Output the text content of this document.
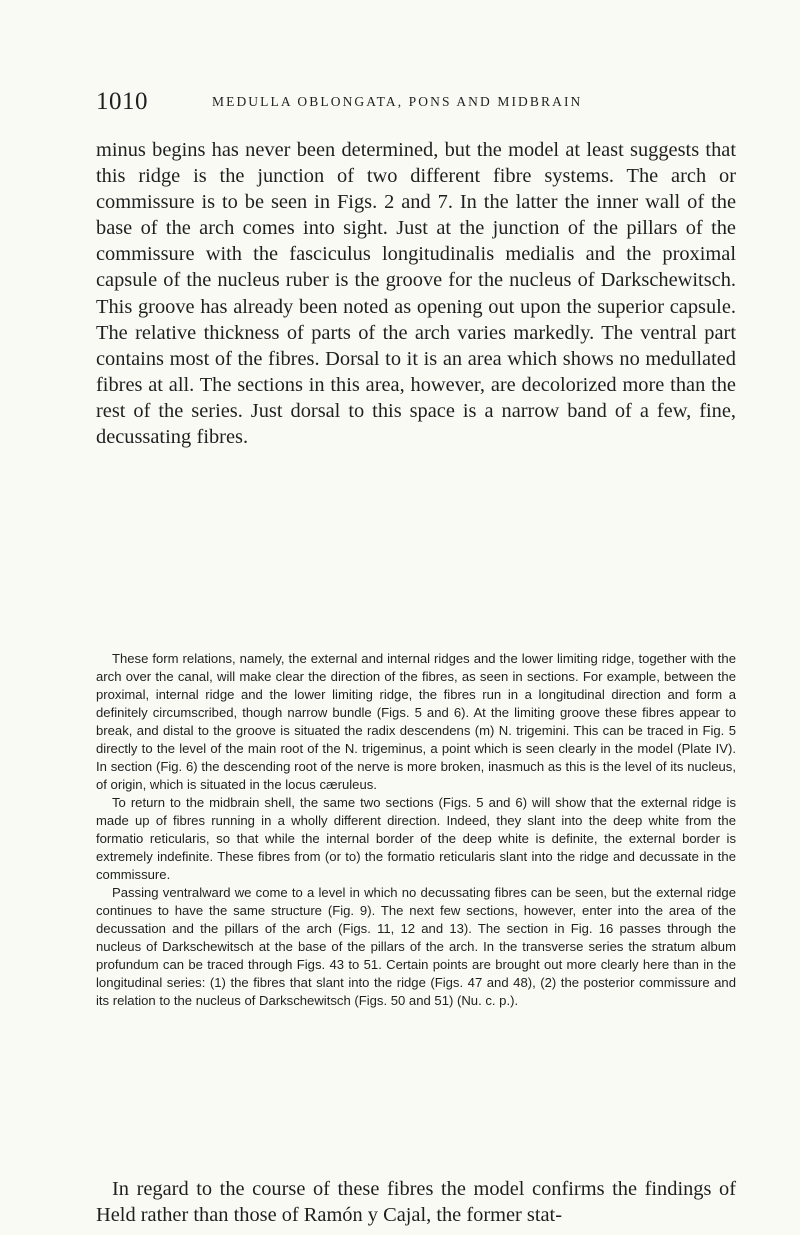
1010	MEDULLA OBLONGATA, PONS AND MIDBRAIN

minus begins has never been determined, but the model at least suggests that this ridge is the junction of two different fibre systems. The arch or commissure is to be seen in Figs. 2 and 7. In the latter the inner wall of the base of the arch comes into sight. Just at the junction of the pillars of the commissure with the fasciculus longitudinalis medialis and the proximal capsule of the nucleus ruber is the groove for the nucleus of Darkschewitsch. This groove has already been noted as opening out upon the superior capsule. The relative thickness of parts of the arch varies markedly. The ventral part contains most of the fibres. Dorsal to it is an area which shows no medullated fibres at all. The sections in this area, however, are decolorized more than the rest of the series. Just dorsal to this space is a narrow band of a few, fine, decussating fibres.

These form relations, namely, the external and internal ridges and the lower limiting ridge, together with the arch over the canal, will make clear the direction of the fibres, as seen in sections. For example, between the proximal, internal ridge and the lower limiting ridge, the fibres run in a longitudinal direction and form a definitely circumscribed, though narrow bundle (Figs. 5 and 6). At the limiting groove these fibres appear to break, and distal to the groove is situated the radix descendens (m) N. trigemini. This can be traced in Fig. 5 directly to the level of the main root of the N. trigeminus, a point which is seen clearly in the model (Plate IV). In section (Fig. 6) the descending root of the nerve is more broken, inasmuch as this is the level of its nucleus, of origin, which is situated in the locus cæruleus.

To return to the midbrain shell, the same two sections (Figs. 5 and 6) will show that the external ridge is made up of fibres running in a wholly different direction. Indeed, they slant into the deep white from the formatio reticularis, so that while the internal border of the deep white is definite, the external border is extremely indefinite. These fibres from (or to) the formatio reticularis slant into the ridge and decussate in the commissure.

Passing ventralward we come to a level in which no decussating fibres can be seen, but the external ridge continues to have the same structure (Fig. 9). The next few sections, however, enter into the area of the decussation and the pillars of the arch (Figs. 11, 12 and 13). The section in Fig. 16 passes through the nucleus of Darkschewitsch at the base of the pillars of the arch. In the transverse series the stratum album profundum can be traced through Figs. 43 to 51. Certain points are brought out more clearly here than in the longitudinal series: (1) the fibres that slant into the ridge (Figs. 47 and 48), (2) the posterior commissure and its relation to the nucleus of Darkschewitsch (Figs. 50 and 51) (Nu. c. p.).

In regard to the course of these fibres the model confirms the findings of Held rather than those of Ramón y Cajal, the former stat-
